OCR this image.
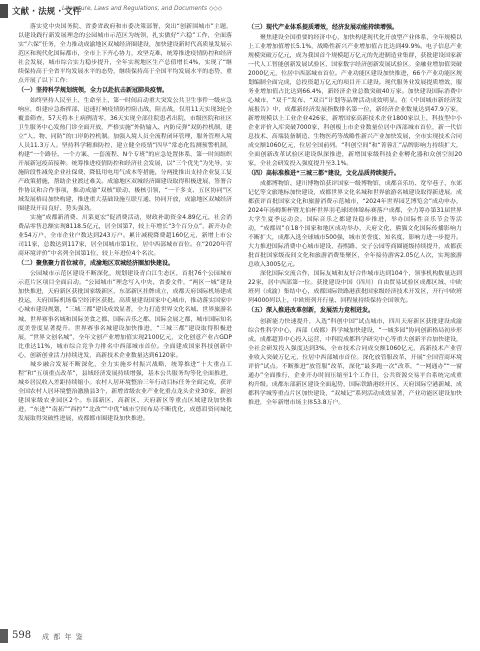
文献 · 法规 · 文件
Literature, Laws and Regulations, and Documents ◇◇◇

落实党中央国务院、省委省政府和市委决策部署，突出“创新围城市”主题，以建设践行新发展理念的公园城市示范区为统领，扎实做好“六稳”工作，全面落实“六保”任务，全力推动成渝地区双城经济圈建设，加快建设新时代高质量发展示范区和现代化国际都市，全市上下齐心协力，攻坚克难，统筹推进疫情防控和经济社会发展，城市综合实力稳步提升，全年实现地区生产总值增长4%，实现了“继续保持高于全省平均发展水平的态势，继续保持高于全国平均发展水平的态势，重点开展了以下工作：

（一）坚持科学规划统领，全力以赴抗击新冠肺炎疫情。

始终坚持人民至上、生命至上，第一时间启动重大突发公共卫生事件一级应急响应，组建应急指挥部，迅速打响疫情防控阻击战，阻击战，仅用11天实现3轮全覆盖筛查，57天将本土病例清零，36天实现全部住院患者出院，市级医院和社区卫生服务中心发热门诊全面开放，严格实施“外防输入、内防反弹“双防控机制，建立“人、物、同防”的口岸防控机制。加强入境人员全流程闭环管理，服务管理入境人员11.3万人。坚持科学精准防控，建立健全疫情“四早”常态化监测预警机制，构建“一个路径、一个方案、一套流程、N个专班”的应急处置体系，第一时间组织开展新冠疫苗接种。统筹推进疫情防控和经济社会发展，以“三个优先”为先导，实施阶段性减免企业社保费、降低用电用气成本等措施，分两批推出支持企业复工复产政策措施，帮助企业渡过难关。成渝地区双城经济圈建设取得积极进展，签署合作协议和合作事项，推动成渝“双核”联动、极核引领，“一干多支、五区协同”区域发展格局加快构建，推进重大基础设施互联互通、协同开放，成渝地区双城经济圈建设开局良好、势头强劲。

实施“成都新消费、川菜更宏”促消费活动，财政补助资金4.89亿元，社会消费品零售总额实现8118.5亿元，居全国第7，较上年增长“3个百分点”，新开办企业54万户，全市企业户数达到243万户。累计减税降费超160亿元，新增上市公司11家，总数达到117家，居全国城市第1位，居中西部城市首位。在“2020年营商环境评价”中名列全国第1位，较上年进位4个名次。

（二）聚焦聚力首位城市，成渝地区双城经济圈加快建设。

公园城市示范区建设不断深化，规划建设青白江生态区，首批76个公园城市示范片区项目全面启动。“公园城市”理念写入中央、省委文件，“两区一城”建设加快推进，天府新区获批国家级新区，东部新区挂牌成立，成都天府国际机场建成投运，天府国际机场临空经济区获批。高质量建设国家中心城市，推动落实国家中心城市建设规划，“三城三都”建设成效显著，全力打造世界文化名城、世界旅游名城、世界赛事名城和国际美食之都、国际音乐之都、国际会展之都，城市国际知名度美誉度显著提升。世界赛事名城建设加快推进，“三城三都”建设取得积极进展，“世界文创名城”，全年文创产业增加值实现2100亿元，文化创意产业占GDP比重达11%，城市综合竞争力排名中西部城市首位。全面建成国家科技创新中心，创新创业活力持续迸发，高新技术企业数量达到6120家。

城乡融合发展不断深化，全力实施乡村振兴战略，统筹推进“十大重点工程”和“五项重点改革”，县域经济发展持续增强，基本公共服务均等化全面推进，城乡居民收入差距持续缩小。农村人居环境整治三年行动目标任务全面完成，获评全国农村人居环境整治激励县3个，新增省级农业产业化重点龙头企业30家，新创建国家级农业园区2个。东部新区、高新区、天府新区等重点区域建设加快推进，“东进”“南拓”“西控”“北改”“中优”城市空间布局不断优化，成德眉资同城化发展取得突破性进展，成都都市圈建设加快推进。

（三）现代产业体系提质增效，经济发展动能持续增强。

聚焦建设全国重要的经济中心，加快构建现代化开放型产业体系，全年规模以上工业增加值增长5.1%，战略性新兴产业增加值占比达到49.9%。电子信息产业规模突破万亿元，成为我国首个规模超万亿元的先进制造业集群，获批建设国家新一代人工智能创新发展试验区、国家数字经济创新发展试验区。金融业增加值突破2000亿元，位居中西部城市首位。产业功能区建设加快推进，66个产业功能区规划编制全面完成，总投资超万亿元的项目开工建设。现代服务业发展提质增效，服务业增加值占比达到66.4%，新经济企业总数突破40万家。加快建设国际消费中心城市，“双千”发布、“双百”计划等品牌活动成效明显。在《中国城市新经济发展报告》中，成都新经济发展指数排名第一位，新经济企业数量达到47.9万家，新增规模以上工业企业426家，新增国家高新技术企业1800家以上，科技型中小企业评价入库突破7000家，科创板上市企业数量位居中西部城市首位，新一代信息技术、高端装备制造、生物医药等战略性新兴产业加快发展，全市实现技术合同成交额1060亿元，位居全国前列。“科创空间”和“菁蓉汇”品牌影响力持续扩大，全面创新改革试验区建设纵深推进，新增国家级科技企业孵化器和众创空间20家，全社会研发投入强度提升至3.1%。

（四）高标准推进“三城三都”建设，文化品质持续提升。

成都博物馆、建川博物馆获评国家一级博物馆，成都音乐坊、宽窄巷子、东郊记忆等文旅地标加快建设，成都世界文化名城和世界旅游名城建设取得新进展。成都获评首批国家文化和旅游消费示范城市，“2024年世界园艺博览会”成功申办，2024年汤姆斯杯暨尤伯杯世界羽毛球团体锦标赛落户成都，全力筹办第31届世界大学生夏季运动会。国际音乐之都建设稳步推进，举办国际性音乐节会等活动，“成都周”在18个国家和地区成功举办，天府文化、熊猫文化国际传播影响力不断扩大，成都入选全球城市500强，城市美誉度、知名度、影响力进一步提升。大力推进国际消费中心城市建设，春熙路、交子公园等商圈能级持续提升，成都获批首批国家级夜间文化和旅游消费集聚区，全年接待游客2.05亿人次，实现旅游总收入3005亿元。

深化国际交流合作，国际友城和友好合作城市达到104个，领事机构数量达到22家，居中西部第一位。获批建设中国（四川）自由贸易试验区成都区域、中欧班列（成渝）集结中心，成都国际铁路港获批国家级经济技术开发区，开行中欧班列4000列以上，中欧班列开行量、回程量持续保持全国领先。

（五）深入推进改革创新，发展活力竞相迸发。

创新能力快速提升，入选“科创中国”试点城市，四川天府新区获批建设成渝综合性科学中心，西部（成都）科学城加快建设，“一城多园”协同创新格局初步形成。成都超算中心投入运营，中科院成都科学研究中心等重大创新平台加快建设，全社会研发投入强度达到3%，全市技术合同成交额1060亿元，高新技术产业营业收入突破万亿元，位居中西部城市首位。深化放管服改革，开展“全国营商环境评价”试点。不断推进“放管服”改革，深化“最多跑一次”改革，“一网通办”“一窗通办”全面推行，企业开办时间压缩至1个工作日，公共资源交易平台系统完成重构升级。成都东部新区建设全面起势，国际铁路港经开区、天府国际空港新城、成都科学城等重点片区加快建设，“双城记”系列活动成效显著，产业功能区建设加快推进，全年新增市场主体53.8万户。

598 成 都 年 鉴
